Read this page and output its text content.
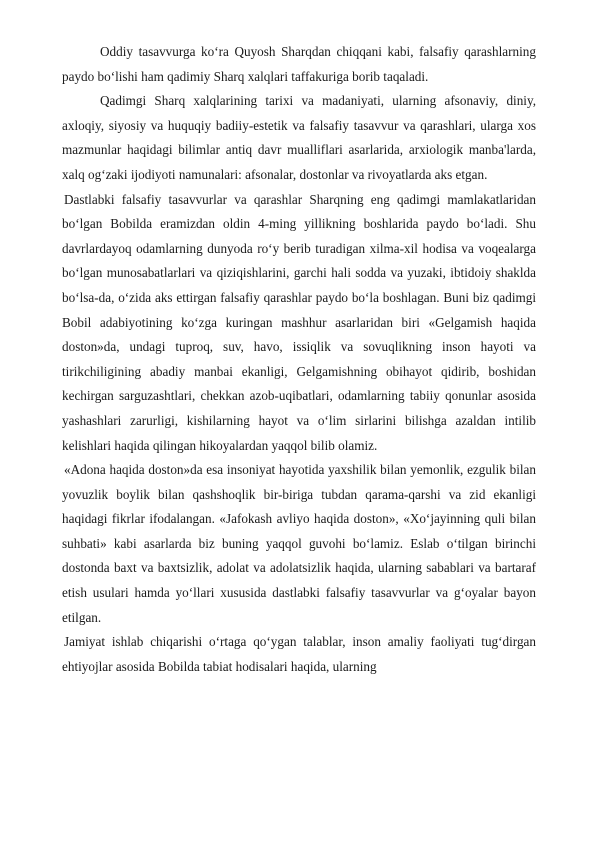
Oddiy tasavvurga ko‘ra Quyosh Sharqdan chiqqani kabi, falsafiy qarashlarning paydo bo‘lishi ham qadimiy Sharq xalqlari taffakuriga borib taqaladi.

Qadimgi Sharq xalqlarining tarixi va madaniyati, ularning afsonaviy, diniy, axloqiy, siyosiy va huquqiy badiiy-estetik va falsafiy tasavvur va qarashlari, ularga xos mazmunlar haqidagi bilimlar antiq davr mualliflari asarlarida, arxiologik manba'larda, xalq og‘zaki ijodiyoti namunalari: afsonalar, dostonlar va rivoyatlarda aks etgan.

Dastlabki falsafiy tasavvurlar va qarashlar Sharqning eng qadimgi mamlakatlaridan bo‘lgan Bobilda eramizdan oldin 4-ming yillikning boshlarida paydo bo‘ladi. Shu davrlardayoq odamlarning dunyoda ro‘y berib turadigan xilma-xil hodisa va voqealarga bo‘lgan munosabatlarlari va qiziqishlarini, garchi hali sodda va yuzaki, ibtidoiy shaklda bo‘lsa-da, o‘zida aks ettirgan falsafiy qarashlar paydo bo‘la boshlagan. Buni biz qadimgi Bobil adabiyotining ko‘zga kuringan mashhur asarlaridan biri «Gelgamish haqida doston»da, undagi tuproq, suv, havo, issiqlik va sovuqlikning inson hayoti va tirikchiligining abadiy manbai ekanligi, Gelgamishning obihayot qidirib, boshidan kechirgan sarguzashtlari, chekkan azob-uqibatlari, odamlarning tabiiy qonunlar asosida yashashlari zarurligi, kishilarning hayot va o‘lim sirlarini bilishga azaldan intilib kelishlari haqida qilingan hikoyalardan yaqqol bilib olamiz.

«Adona haqida doston»da esa insoniyat hayotida yaxshilik bilan yemonlik, ezgulik bilan yovuzlik boylik bilan qashshoqlik bir-biriga tubdan qarama-qarshi va zid ekanligi haqidagi fikrlar ifodalangan. «Jafokash avliyo haqida doston», «Xo‘jayinning quli bilan suhbati» kabi asarlarda biz buning yaqqol guvohi bo‘lamiz. Eslab o‘tilgan birinchi dostonda baxt va baxtsizlik, adolat va adolatsizlik haqida, ularning sabablari va bartaraf etish usulari hamda yo‘llari xususida dastlabki falsafiy tasavvurlar va g‘oyalar bayon etilgan.

Jamiyat ishlab chiqarishi o‘rtaga qo‘ygan talablar, inson amaliy faoliyati tug‘dirgan ehtiyojlar asosida Bobilda tabiat hodisalari haqida, ularning
